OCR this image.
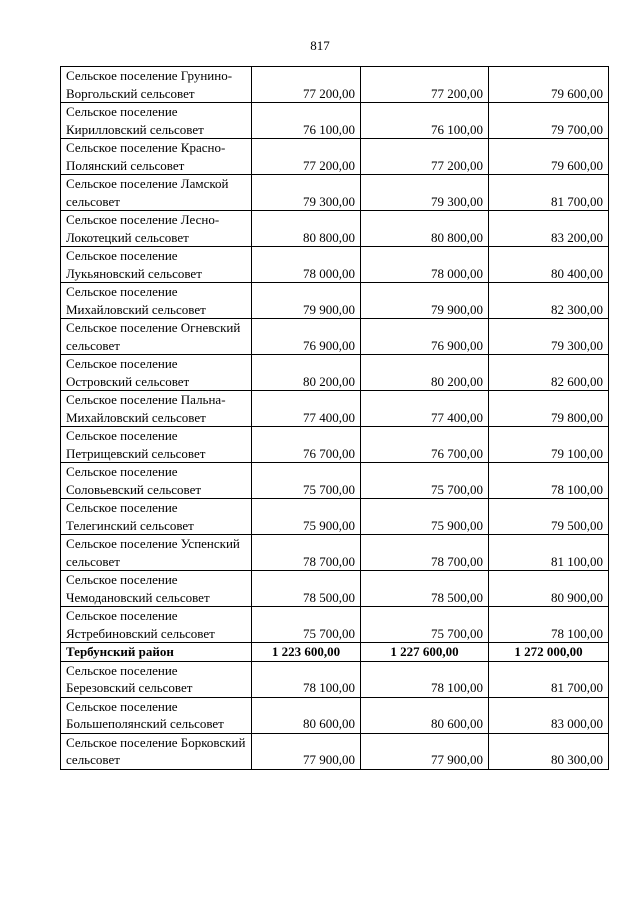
817
Сельское поселение Грунино-Воргольский сельсовет	77 200,00	77 200,00	79 600,00
Сельское поселение Кирилловский сельсовет	76 100,00	76 100,00	79 700,00
Сельское поселение Красно-Полянский сельсовет	77 200,00	77 200,00	79 600,00
Сельское поселение Ламской сельсовет	79 300,00	79 300,00	81 700,00
Сельское поселение Лесно-Локотецкий сельсовет	80 800,00	80 800,00	83 200,00
Сельское поселение Лукьяновский сельсовет	78 000,00	78 000,00	80 400,00
Сельское поселение Михайловский сельсовет	79 900,00	79 900,00	82 300,00
Сельское поселение Огневский сельсовет	76 900,00	76 900,00	79 300,00
Сельское поселение Островский сельсовет	80 200,00	80 200,00	82 600,00
Сельское поселение Пальна-Михайловский сельсовет	77 400,00	77 400,00	79 800,00
Сельское поселение Петрищевский сельсовет	76 700,00	76 700,00	79 100,00
Сельское поселение Соловьевский сельсовет	75 700,00	75 700,00	78 100,00
Сельское поселение Телегинский сельсовет	75 900,00	75 900,00	79 500,00
Сельское поселение Успенский сельсовет	78 700,00	78 700,00	81 100,00
Сельское поселение Чемодановский сельсовет	78 500,00	78 500,00	80 900,00
Сельское поселение Ястребиновский сельсовет	75 700,00	75 700,00	78 100,00
Тербунский район	1 223 600,00	1 227 600,00	1 272 000,00
Сельское поселение Березовский сельсовет	78 100,00	78 100,00	81 700,00
Сельское поселение Большеполянский сельсовет	80 600,00	80 600,00	83 000,00
Сельское поселение Борковский сельсовет	77 900,00	77 900,00	80 300,00
